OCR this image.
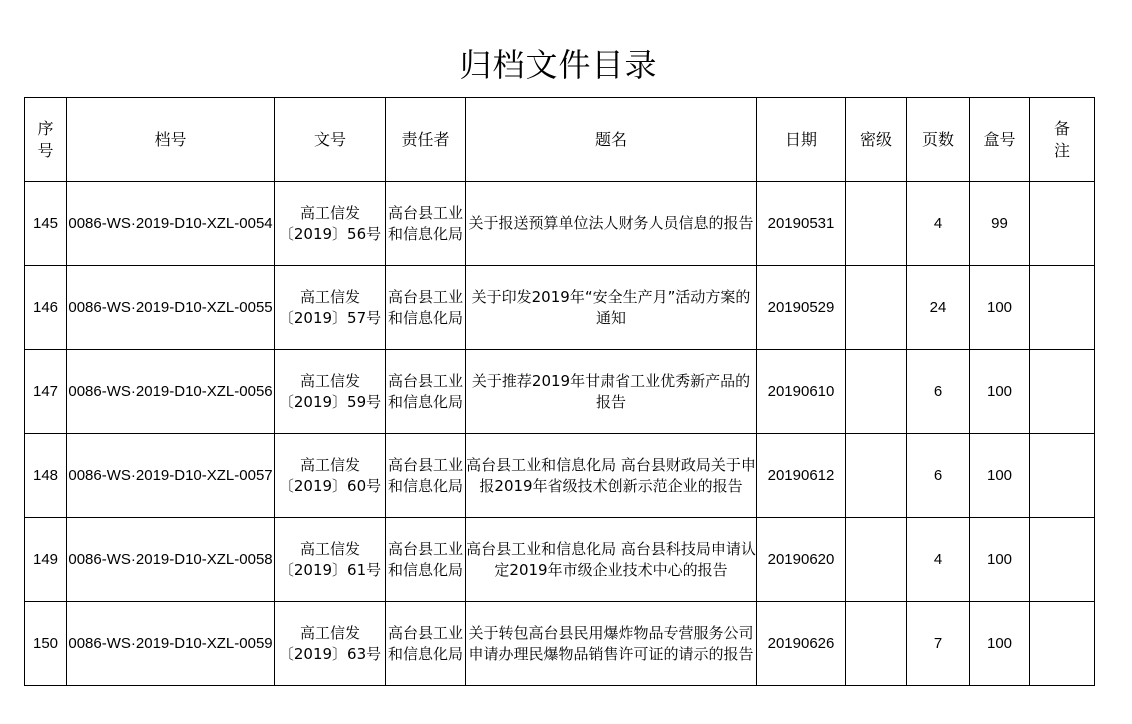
归档文件目录
序号	档号	文号	责任者	题名	日期	密级	页数	盒号	备注
145	0086-WS·2019-D10-XZL-0054	高工信发〔2019〕56号	高台县工业和信息化局	关于报送预算单位法人财务人员信息的报告	20190531		4	99	
146	0086-WS·2019-D10-XZL-0055	高工信发〔2019〕57号	高台县工业和信息化局	关于印发2019年“安全生产月”活动方案的通知	20190529		24	100	
147	0086-WS·2019-D10-XZL-0056	高工信发〔2019〕59号	高台县工业和信息化局	关于推荐2019年甘肃省工业优秀新产品的报告	20190610		6	100	
148	0086-WS·2019-D10-XZL-0057	高工信发〔2019〕60号	高台县工业和信息化局	高台县工业和信息化局 高台县财政局关于申报2019年省级技术创新示范企业的报告	20190612		6	100	
149	0086-WS·2019-D10-XZL-0058	高工信发〔2019〕61号	高台县工业和信息化局	高台县工业和信息化局 高台县科技局申请认定2019年市级企业技术中心的报告	20190620		4	100	
150	0086-WS·2019-D10-XZL-0059	高工信发〔2019〕63号	高台县工业和信息化局	关于转包高台县民用爆炸物品专营服务公司申请办理民爆物品销售许可证的请示的报告	20190626		7	100	
